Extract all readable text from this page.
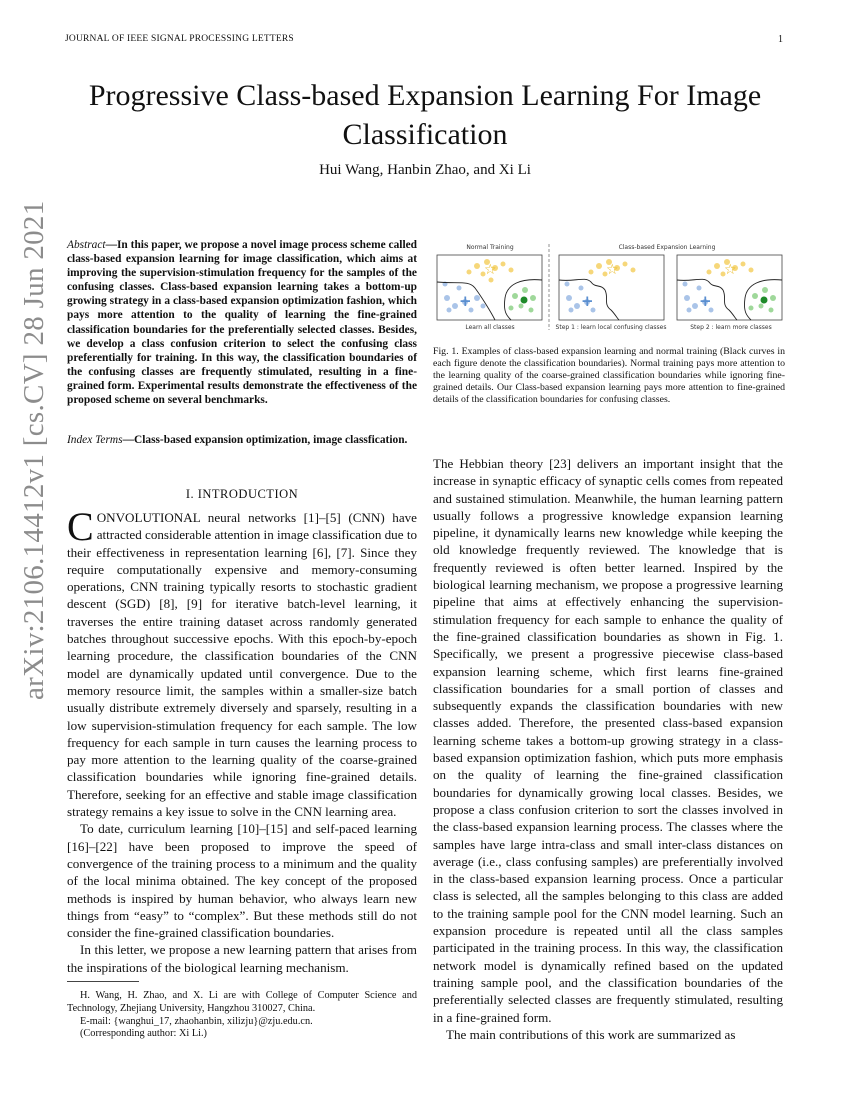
JOURNAL OF IEEE SIGNAL PROCESSING LETTERS	1
arXiv:2106.14412v1 [cs.CV] 28 Jun 2021
Progressive Class-based Expansion Learning For Image Classification
Hui Wang, Hanbin Zhao, and Xi Li
Abstract—In this paper, we propose a novel image process scheme called class-based expansion learning for image classification, which aims at improving the supervision-stimulation frequency for the samples of the confusing classes. Class-based expansion learning takes a bottom-up growing strategy in a class-based expansion optimization fashion, which pays more attention to the quality of learning the fine-grained classification boundaries for the preferentially selected classes. Besides, we develop a class confusion criterion to select the confusing class preferentially for training. In this way, the classification boundaries of the confusing classes are frequently stimulated, resulting in a fine-grained form. Experimental results demonstrate the effectiveness of the proposed scheme on several benchmarks.
Index Terms—Class-based expansion optimization, image classfication.
I. INTRODUCTION

CONVOLUTIONAL neural networks [1]–[5] (CNN) have attracted considerable attention in image classification due to their effectiveness in representation learning [6], [7]. Since they require computationally expensive and memory-consuming operations, CNN training typically resorts to stochastic gradient descent (SGD) [8], [9] for iterative batch-level learning, it traverses the entire training dataset across randomly generated batches throughout successive epochs. With this epoch-by-epoch learning procedure, the classification boundaries of the CNN model are dynamically updated until convergence. Due to the memory resource limit, the samples within a smaller-size batch usually distribute extremely diversely and sparsely, resulting in a low supervision-stimulation frequency for each sample. The low frequency for each sample in turn causes the learning process to pay more attention to the learning quality of the coarse-grained classification boundaries while ignoring fine-grained details. Therefore, seeking for an effective and stable image classification strategy remains a key issue to solve in the CNN learning area.

To date, curriculum learning [10]–[15] and self-paced learning [16]–[22] have been proposed to improve the speed of convergence of the training process to a minimum and the quality of the local minima obtained. The key concept of the proposed methods is inspired by human behavior, who always learn new things from “easy” to “complex”. But these methods still do not consider the fine-grained classification boundaries.

In this letter, we propose a new learning pattern that arises from the inspirations of the biological learning mechanism.

H. Wang, H. Zhao, and X. Li are with College of Computer Science and Technology, Zhejiang University, Hangzhou 310027, China.

E-mail: {wanghui_17, zhaohanbin, xilizju}@zju.edu.cn.

(Corresponding author: Xi Li.)

Normal Training	Class-based Expansion Learning
+
☆
Learn all classes
+
☆
Step 1 : learn local confusing classes
+
☆
Step 2 : learn more classes
Fig. 1. Examples of class-based expansion learning and normal training (Black curves in each figure denote the classification boundaries). Normal training pays more attention to the learning quality of the coarse-grained classification boundaries while ignoring fine-grained details. Our Class-based expansion learning pays more attention to fine-grained details of the classification boundaries for confusing classes.

The Hebbian theory [23] delivers an important insight that the increase in synaptic efficacy of synaptic cells comes from repeated and sustained stimulation. Meanwhile, the human learning pattern usually follows a progressive knowledge expansion learning pipeline, it dynamically learns new knowledge while keeping the old knowledge frequently reviewed. The knowledge that is frequently reviewed is often better learned. Inspired by the biological learning mechanism, we propose a progressive learning pipeline that aims at effectively enhancing the supervision-stimulation frequency for each sample to enhance the quality of the fine-grained classification boundaries as shown in Fig. 1. Specifically, we present a progressive piecewise class-based expansion learning scheme, which first learns fine-grained classification boundaries for a small portion of classes and subsequently expands the classification boundaries with new classes added. Therefore, the presented class-based expansion learning scheme takes a bottom-up growing strategy in a class-based expansion optimization fashion, which puts more emphasis on the quality of learning the fine-grained classification boundaries for dynamically growing local classes. Besides, we propose a class confusion criterion to sort the classes involved in the class-based expansion learning process. The classes where the samples have large intra-class and small inter-class distances on average (i.e., class confusing samples) are preferentially involved in the class-based expansion learning process. Once a particular class is selected, all the samples belonging to this class are added to the training sample pool for the CNN model learning. Such an expansion procedure is repeated until all the class samples participated in the training process. In this way, the classification network model is dynamically refined based on the updated training sample pool, and the classification boundaries of the preferentially selected classes are frequently stimulated, resulting in a fine-grained form.

The main contributions of this work are summarized as
